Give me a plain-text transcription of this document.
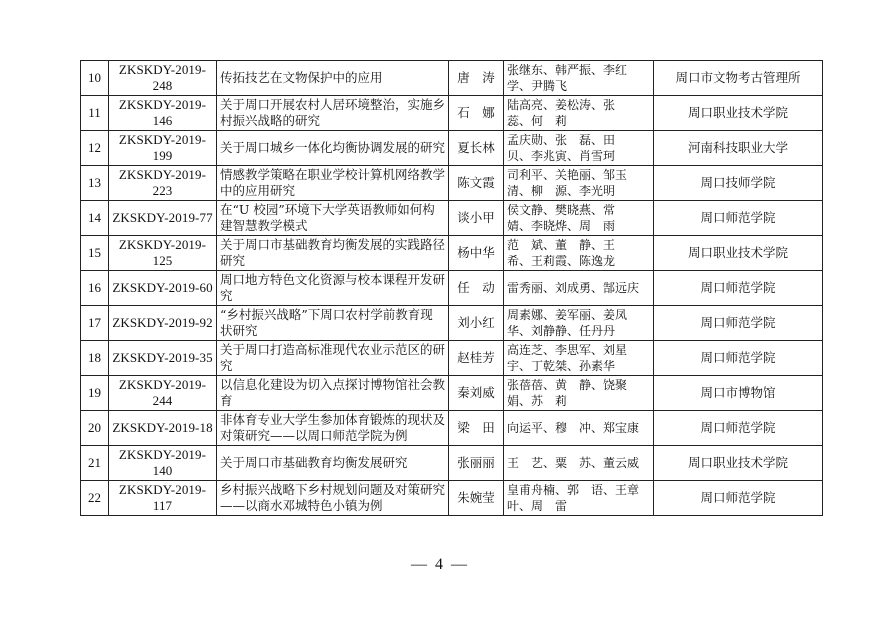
10	ZKSKDY-2019-248	传拓技艺在文物保护中的应用	唐　涛	张继东、韩严振、李红学、尹腾飞	周口市文物考古管理所
11	ZKSKDY-2019-146	关于周口开展农村人居环境整治，实施乡村振兴战略的研究	石　娜	陆高亮、姜松涛、张　蕊、何　莉	周口职业技术学院
12	ZKSKDY-2019-199	关于周口城乡一体化均衡协调发展的研究	夏长林	孟庆勋、张　磊、田　贝、李兆寅、肖雪珂	河南科技职业大学
13	ZKSKDY-2019-223	情感教学策略在职业学校计算机网络教学中的应用研究	陈文霞	司利平、关艳丽、邹玉清、柳　源、李光明	周口技师学院
14	ZKSKDY-2019-77	在“U 校园”环境下大学英语教师如何构建智慧教学模式	谈小甲	侯文静、樊晓燕、常　婧、李晓烨、周　雨	周口师范学院
15	ZKSKDY-2019-125	关于周口市基础教育均衡发展的实践路径研究	杨中华	范　斌、董　静、王　希、王莉霞、陈逸龙	周口职业技术学院
16	ZKSKDY-2019-60	周口地方特色文化资源与校本课程开发研究	任　动	雷秀丽、刘成勇、郜远庆	周口师范学院
17	ZKSKDY-2019-92	“乡村振兴战略”下周口农村学前教育现状研究	刘小红	周素娜、姜军丽、姜凤华、刘静静、任丹丹	周口师范学院
18	ZKSKDY-2019-35	关于周口打造高标准现代农业示范区的研究	赵桂芳	高连芝、李思军、刘星宇、丁乾桀、孙素华	周口师范学院
19	ZKSKDY-2019-244	以信息化建设为切入点探讨博物馆社会教育	秦刘威	张蓓蓓、黄　静、饶聚娟、苏　莉	周口市博物馆
20	ZKSKDY-2019-18	非体育专业大学生参加体育锻炼的现状及对策研究——以周口师范学院为例	梁　田	向运平、穆　冲、郑宝康	周口师范学院
21	ZKSKDY-2019-140	关于周口市基础教育均衡发展研究	张丽丽	王　艺、粟　苏、董云威	周口职业技术学院
22	ZKSKDY-2019-117	乡村振兴战略下乡村规划问题及对策研究——以商水邓城特色小镇为例	朱婉莹	皇甫舟楠、郭　语、王章叶、周　雷	周口师范学院
— 4 —
